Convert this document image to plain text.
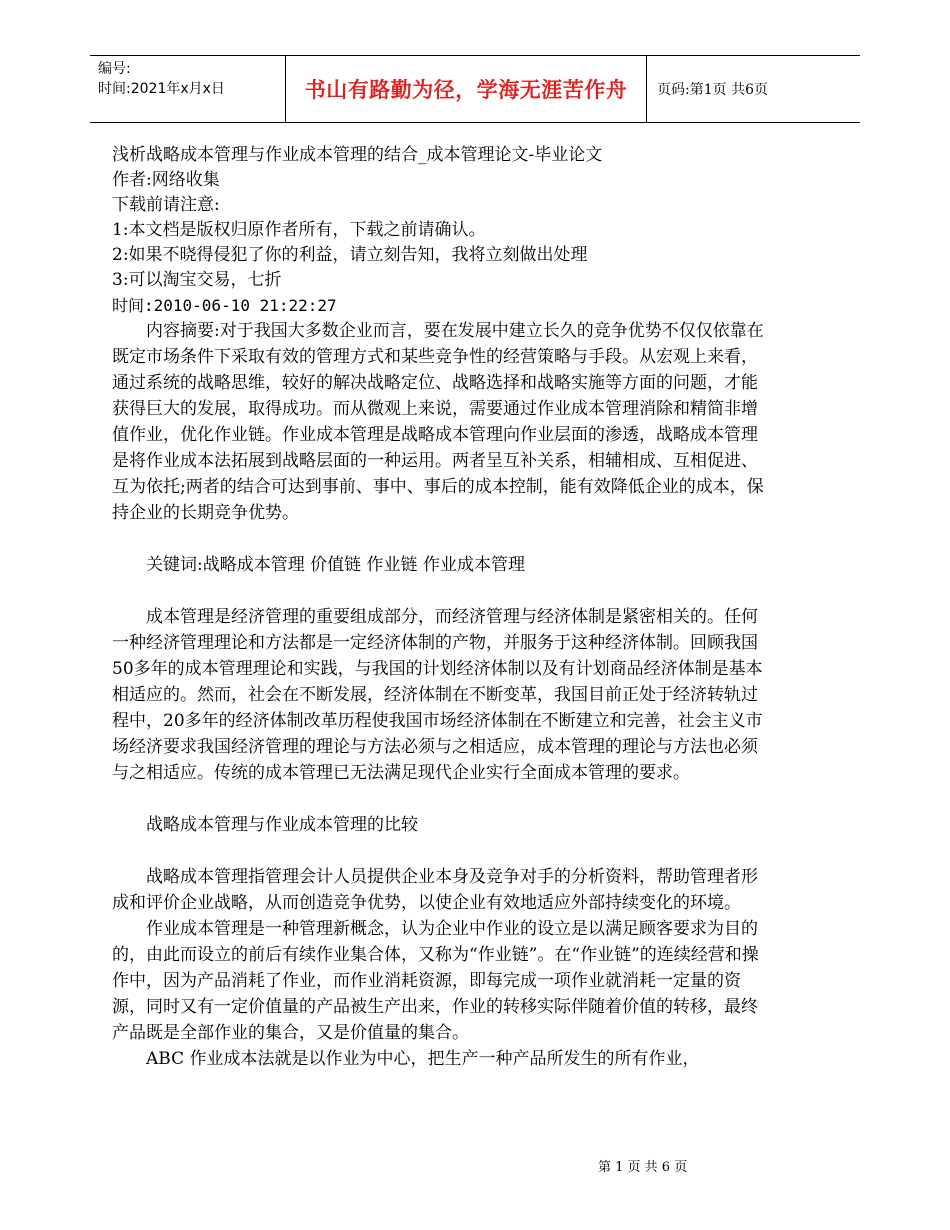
编号:
时间:2021年x月x日	书山有路勤为径，学海无涯苦作舟 页码:第1页 共6页

浅析战略成本管理与作业成本管理的结合_成本管理论文-毕业论文

作者:网络收集

下载前请注意:

1:本文档是版权归原作者所有，下载之前请确认。

2:如果不晓得侵犯了你的利益，请立刻告知，我将立刻做出处理

3:可以淘宝交易，七折

时间:2010-06-10 21:22:27

内容摘要:对于我国大多数企业而言，要在发展中建立长久的竞争优势不仅仅依靠在既定市场条件下采取有效的管理方式和某些竞争性的经营策略与手段。从宏观上来看，通过系统的战略思维，较好的解决战略定位、战略选择和战略实施等方面的问题，才能获得巨大的发展，取得成功。而从微观上来说，需要通过作业成本管理消除和精简非增值作业，优化作业链。作业成本管理是战略成本管理向作业层面的渗透，战略成本管理是将作业成本法拓展到战略层面的一种运用。两者呈互补关系，相辅相成、互相促进、互为依托;两者的结合可达到事前、事中、事后的成本控制，能有效降低企业的成本，保持企业的长期竞争优势。

关键词:战略成本管理 价值链 作业链 作业成本管理

成本管理是经济管理的重要组成部分，而经济管理与经济体制是紧密相关的。任何一种经济管理理论和方法都是一定经济体制的产物，并服务于这种经济体制。回顾我国50多年的成本管理理论和实践，与我国的计划经济体制以及有计划商品经济体制是基本相适应的。然而，社会在不断发展，经济体制在不断变革，我国目前正处于经济转轨过程中，20多年的经济体制改革历程使我国市场经济体制在不断建立和完善，社会主义市场经济要求我国经济管理的理论与方法必须与之相适应，成本管理的理论与方法也必须与之相适应。传统的成本管理已无法满足现代企业实行全面成本管理的要求。

战略成本管理与作业成本管理的比较

战略成本管理指管理会计人员提供企业本身及竞争对手的分析资料，帮助管理者形成和评价企业战略，从而创造竞争优势，以使企业有效地适应外部持续变化的环境。

作业成本管理是一种管理新概念，认为企业中作业的设立是以满足顾客要求为目的的，由此而设立的前后有续作业集合体，又称为“作业链”。在“作业链”的连续经营和操作中，因为产品消耗了作业，而作业消耗资源，即每完成一项作业就消耗一定量的资源，同时又有一定价值量的产品被生产出来，作业的转移实际伴随着价值的转移，最终产品既是全部作业的集合，又是价值量的集合。

ABC 作业成本法就是以作业为中心，把生产一种产品所发生的所有作业，

第 1 页 共 6 页
